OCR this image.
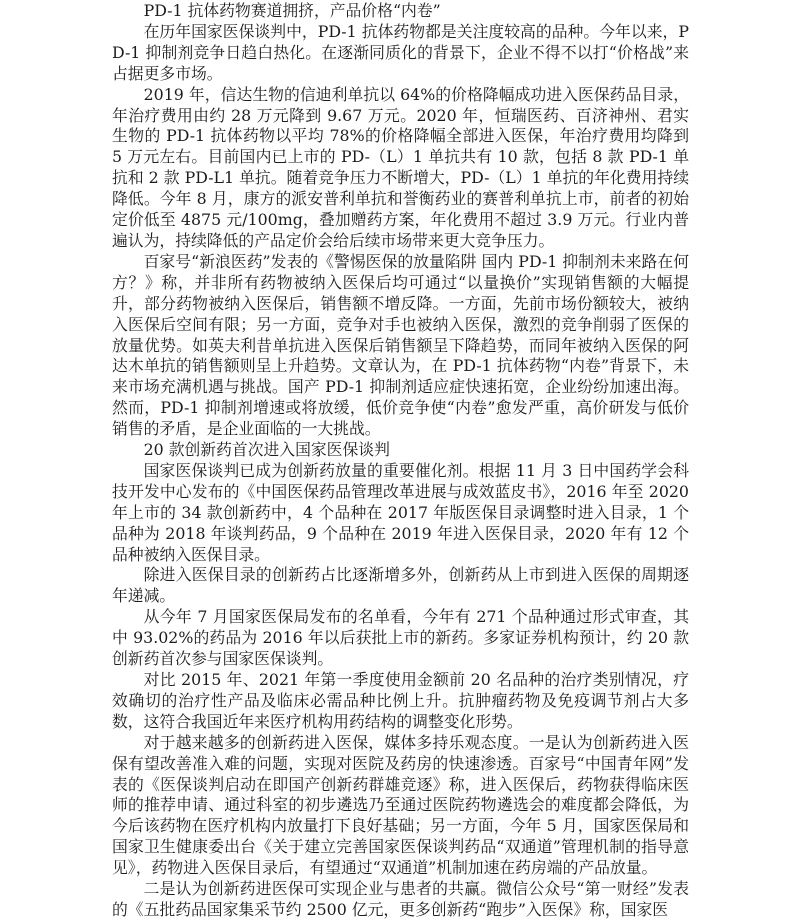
PD-1 抗体药物赛道拥挤，产品价格“内卷”

在历年国家医保谈判中，PD-1 抗体药物都是关注度较高的品种。今年以来，PD-1 抑制剂竞争日趋白热化。在逐渐同质化的背景下，企业不得不以打“价格战”来占据更多市场。

2019 年，信达生物的信迪利单抗以 64%的价格降幅成功进入医保药品目录，年治疗费用由约 28 万元降到 9.67 万元。2020 年，恒瑞医药、百济神州、君实生物的 PD-1 抗体药物以平均 78%的价格降幅全部进入医保，年治疗费用均降到 5 万元左右。目前国内已上市的 PD-（L）1 单抗共有 10 款，包括 8 款 PD-1 单抗和 2 款 PD-L1 单抗。随着竞争压力不断增大，PD-（L）1 单抗的年化费用持续降低。今年 8 月，康方的派安普利单抗和誉衡药业的赛普利单抗上市，前者的初始定价低至 4875 元/100mg，叠加赠药方案，年化费用不超过 3.9 万元。行业内普遍认为，持续降低的产品定价会给后续市场带来更大竞争压力。

百家号“新浪医药”发表的《警惕医保的放量陷阱 国内 PD-1 抑制剂未来路在何方？》称，并非所有药物被纳入医保后均可通过“以量换价”实现销售额的大幅提升，部分药物被纳入医保后，销售额不增反降。一方面，先前市场份额较大，被纳入医保后空间有限；另一方面，竞争对手也被纳入医保，激烈的竞争削弱了医保的放量优势。如英夫利昔单抗进入医保后销售额呈下降趋势，而同年被纳入医保的阿达木单抗的销售额则呈上升趋势。文章认为，在 PD-1 抗体药物“内卷”背景下，未来市场充满机遇与挑战。国产 PD-1 抑制剂适应症快速拓宽，企业纷纷加速出海。然而，PD-1 抑制剂增速或将放缓，低价竞争使“内卷”愈发严重，高价研发与低价销售的矛盾，是企业面临的一大挑战。

20 款创新药首次进入国家医保谈判

国家医保谈判已成为创新药放量的重要催化剂。根据 11 月 3 日中国药学会科技开发中心发布的《中国医保药品管理改革进展与成效蓝皮书》，2016 年至 2020 年上市的 34 款创新药中，4 个品种在 2017 年版医保目录调整时进入目录，1 个品种为 2018 年谈判药品，9 个品种在 2019 年进入医保目录，2020 年有 12 个品种被纳入医保目录。

除进入医保目录的创新药占比逐渐增多外，创新药从上市到进入医保的周期逐年递减。

从今年 7 月国家医保局发布的名单看，今年有 271 个品种通过形式审查，其中 93.02%的药品为 2016 年以后获批上市的新药。多家证券机构预计，约 20 款创新药首次参与国家医保谈判。

对比 2015 年、2021 年第一季度使用金额前 20 名品种的治疗类别情况，疗效确切的治疗性产品及临床必需品种比例上升。抗肿瘤药物及免疫调节剂占大多数，这符合我国近年来医疗机构用药结构的调整变化形势。

对于越来越多的创新药进入医保，媒体多持乐观态度。一是认为创新药进入医保有望改善准入难的问题，实现对医院及药房的快速渗透。百家号“中国青年网”发表的《医保谈判启动在即国产创新药群雄竞逐》称，进入医保后，药物获得临床医师的推荐申请、通过科室的初步遴选乃至通过医院药物遴选会的难度都会降低，为今后该药物在医疗机构内放量打下良好基础；另一方面，今年 5 月，国家医保局和国家卫生健康委出台《关于建立完善国家医保谈判药品“双通道”管理机制的指导意见》，药物进入医保目录后，有望通过“双通道”机制加速在药房端的产品放量。

二是认为创新药进医保可实现企业与患者的共赢。微信公众号“第一财经”发表的《五批药品国家集采节约 2500 亿元，更多创新药“跑步”入医保》称，国家医
